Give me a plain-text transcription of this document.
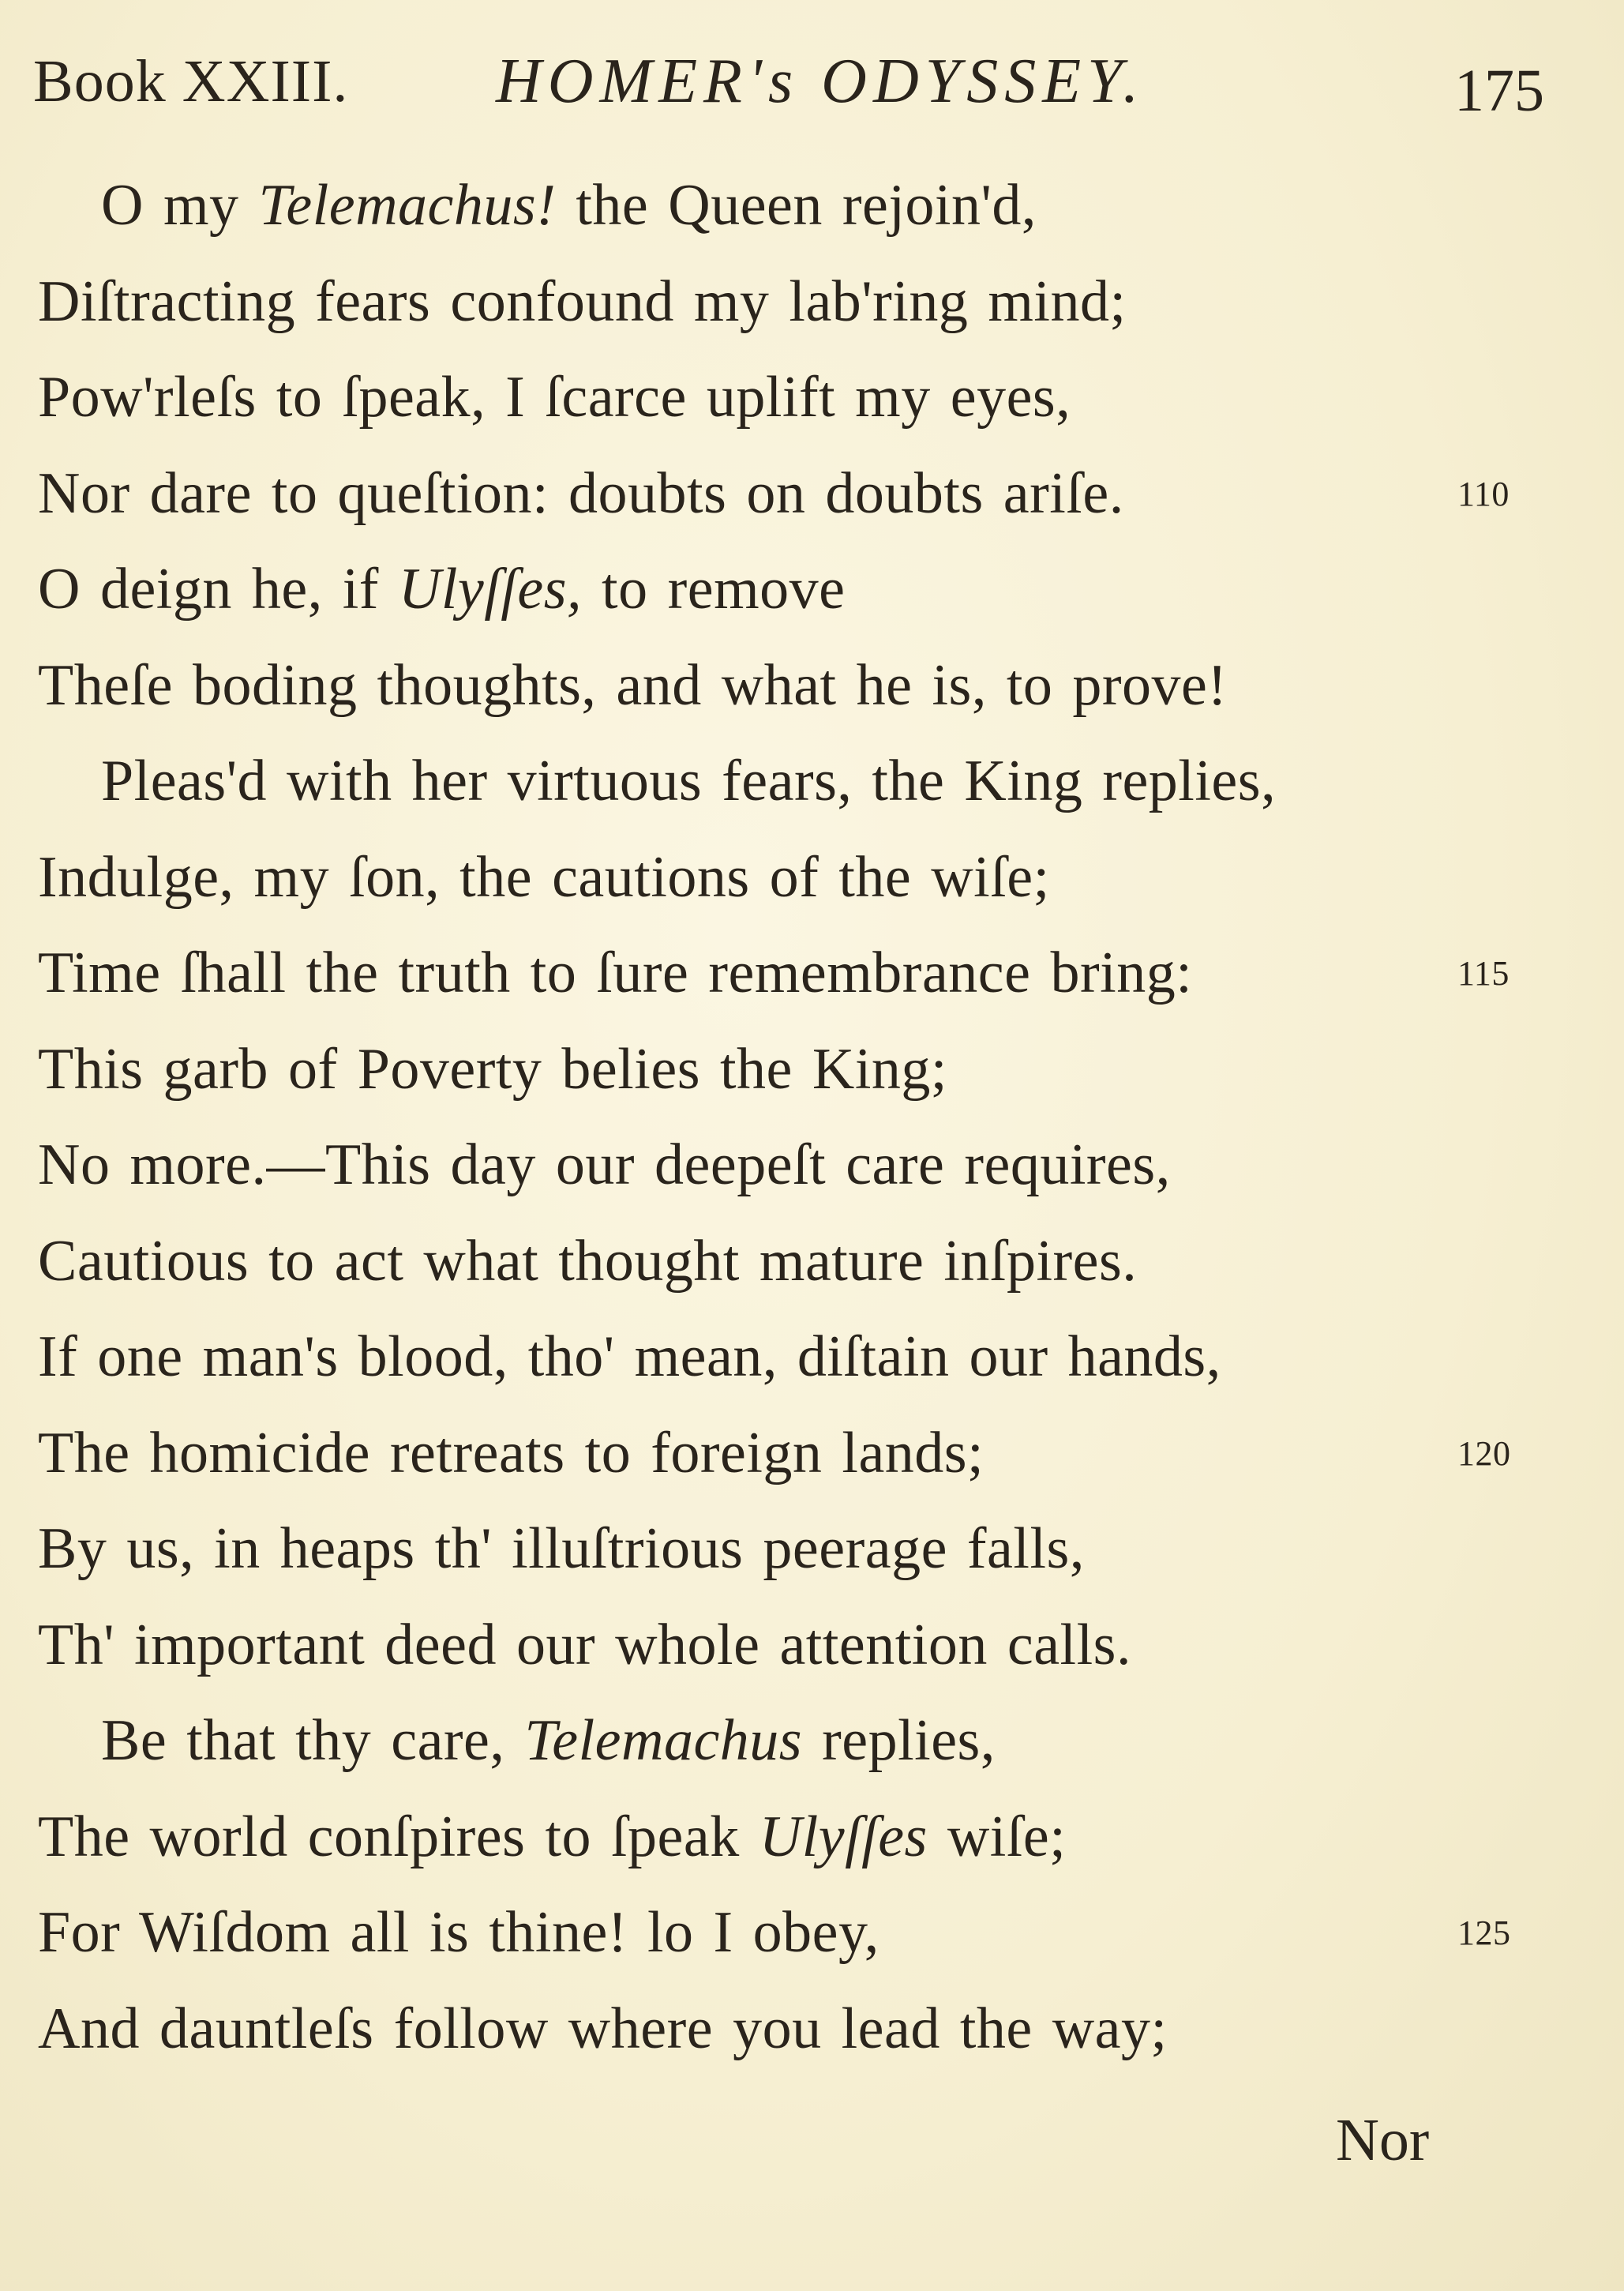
Book XXIII. HOMER's ODYSSEY.	175
O my Telemachus! the Queen rejoin'd,
Diſtracting fears confound my lab'ring mind;
Pow'rleſs to ſpeak, I ſcarce uplift my eyes,
Nor dare to queſtion: doubts on doubts ariſe.	110
O deign he, if Ulyſſes, to remove
Theſe boding thoughts, and what he is, to prove!
Pleas'd with her virtuous fears, the King replies,
Indulge, my ſon, the cautions of the wiſe;
Time ſhall the truth to ſure remembrance bring:	115
This garb of Poverty belies the King;
No more.—This day our deepeſt care requires,
Cautious to act what thought mature inſpires.
If one man's blood, tho' mean, diſtain our hands,
The homicide retreats to foreign lands;	120
By us, in heaps th' illuſtrious peerage falls,
Th' important deed our whole attention calls.
Be that thy care, Telemachus replies,
The world conſpires to ſpeak Ulyſſes wiſe;
For Wiſdom all is thine! lo I obey,	125
And dauntleſs follow where you lead the way;
Nor
